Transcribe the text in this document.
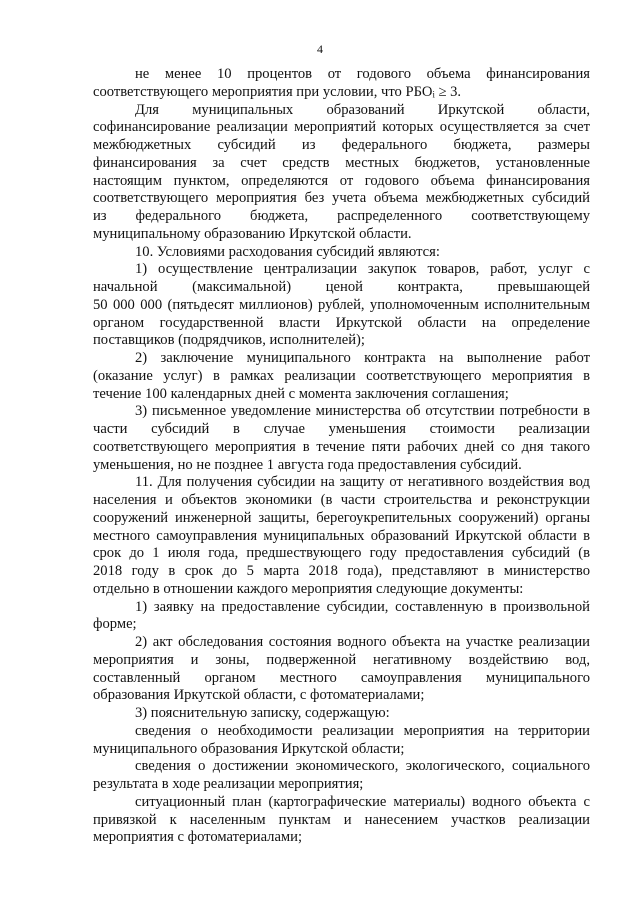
4
не менее 10 процентов от годового объема финансирования
соответствующего мероприятия при условии, что РБОᵢ ≥ 3.
Для муниципальных образований Иркутской области,
софинансирование реализации мероприятий которых осуществляется за счет
межбюджетных субсидий из федерального бюджета, размеры
финансирования за счет средств местных бюджетов, установленные
настоящим пунктом, определяются от годового объема финансирования
соответствующего мероприятия без учета объема межбюджетных субсидий
из федерального бюджета, распределенного соответствующему
муниципальному образованию Иркутской области.
10. Условиями расходования субсидий являются:
1) осуществление централизации закупок товаров, работ, услуг с
начальной (максимальной) ценой контракта, превышающей
50 000 000 (пятьдесят миллионов) рублей, уполномоченным исполнительным
органом государственной власти Иркутской области на определение
поставщиков (подрядчиков, исполнителей);
2) заключение муниципального контракта на выполнение работ
(оказание услуг) в рамках реализации соответствующего мероприятия в
течение 100 календарных дней с момента заключения соглашения;
3) письменное уведомление министерства об отсутствии потребности в
части субсидий в случае уменьшения стоимости реализации
соответствующего мероприятия в течение пяти рабочих дней со дня такого
уменьшения, но не позднее 1 августа года предоставления субсидий.
11. Для получения субсидии на защиту от негативного воздействия вод
населения и объектов экономики (в части строительства и реконструкции
сооружений инженерной защиты, берегоукрепительных сооружений) органы
местного самоуправления муниципальных образований Иркутской области в
срок до 1 июля года, предшествующего году предоставления субсидий (в
2018 году в срок до 5 марта 2018 года), представляют в министерство
отдельно в отношении каждого мероприятия следующие документы:
1) заявку на предоставление субсидии, составленную в произвольной
форме;
2) акт обследования состояния водного объекта на участке реализации
мероприятия и зоны, подверженной негативному воздействию вод,
составленный органом местного самоуправления муниципального
образования Иркутской области, с фотоматериалами;
3) пояснительную записку, содержащую:
сведения о необходимости реализации мероприятия на территории
муниципального образования Иркутской области;
сведения о достижении экономического, экологического, социального
результата в ходе реализации мероприятия;
ситуационный план (картографические материалы) водного объекта с
привязкой к населенным пунктам и нанесением участков реализации
мероприятия с фотоматериалами;
